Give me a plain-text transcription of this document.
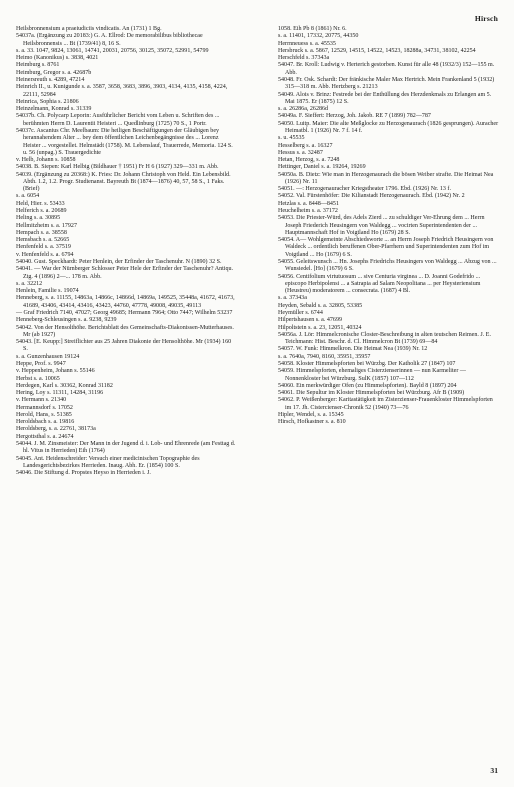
Hirsch

Heilsbronnensium a praeiudiciis vindicatis. An (1731) 1 Bg.

54037a. (Ergänzung zu 20183:) G. A. Ellrod: De memorabilibus bibliothecae Heilsbronnensis ... Bt (1739/41) 8, 16 S.

s. a. 33. 1047, 9824, 13061, 14741, 20031, 20756, 30125, 35072, 52991, 54799

Heimo (Kanonikus) s. 3838, 4021

Heimburg s. 8761

Heimburg, Gregor s. a. 42687b

Heinersreuth s. 4289, 47214

Heinrich II., u. Kunigunde s. a. 3587, 3658, 3683, 3896, 3903, 4134, 4135, 4158, 4224, 22111, 52984

Heinrica, Sophia s. 21806

Heinzelmann, Konrad s. 31339

54037b. Ch. Polycarp Leporin: Ausführlicher Bericht vom Leben u. Schriften des ... berühmten Herrn D. Laurentii Heisteri ... Quedlinburg (1725) 70 S., 1 Portr.

54037c. Ascanius Chr. Meelbaum: Die heiligen Beschäftigungen der Gläubigen bey herannahendem Alter ... bey dem öffentlichen Leichenbegängnisse des ... Lorenz Heister ... vorgestellet. Helmstädt (1758). M. Lebenslauf, Trauerrede, Memoria. 124 S. u. 56 (unpag.) S. Trauergedichte

v. Helb, Johann s. 10858

54038. B. Siepen: Karl Helbig (Bildhauer † 1951) Fr H 6 (1927) 329—331 m. Abb.

54039. (Ergänzung zu 20368:) K. Fries: Dr. Johann Christoph von Held. Ein Lebensbild. Abth. 1.2, 1.2. Progr. Studienanst. Bayreuth Bt (1874—1876) 40, 57, 58 S., 1 Faks. (Brief)

s. a. 6054

Held, Hier. s. 53433

Helferich s. a. 20689

Heling s. a. 30895

Hellmitzheim s. a. 17927

Hempach s. a. 38558

Hemsbach s. a. 52665

Henfenfeld s. a. 37519

v. Henfenfeld s. a. 6794

54040. Gust. Speckhardt: Peter Henlein, der Erfinder der Taschenuhr. N (1890) 32 S.

54041. — War der Nürnberger Schlosser Peter Hele der Erfinder der Taschenuhr? Antiqu. Ztg. 4 (1896) 2—... 178 m. Abb.

s. a. 32212

Henlein, Familie s. 19074

Henneberg, s. a. 11155, 14863a, 14866c, 14866d, 14869a, 149525, 35448a, 41672, 41673, 41689, 43406, 43414, 43416, 43423, 44760, 47778, 49008, 49035, 49113

— Graf Friedrich 7140, 47027; Georg 49685; Hermann 7964; Otto 7447; Wilhelm 53237

Henneberg-Schleusingen s. a. 9238, 9239

54042. Von der Hensolthöhe. Berichtsblatt des Gemeinschafts-Diakonissen-Mutterhauses. Mr (ab 1927)

54043. [E. Keupp:] Streiflichter aus 25 Jahren Diakonie der Hensolthöhe. Mr (1934) 160 S.

s. a. Gunzenhausen 19124

Heppe, Prof. s. 9947

v. Heppenheim, Johann s. 55146

Herbst s. a. 10065

Herdegen, Karl s. 30362, Konrad 31182

Hering, Loy s. 11311, 14284, 31196

v. Hermann s. 21340

Hermannsdorf s. 17052

Herold, Hans, s. 51385

Heroldsbach s. a. 19816

Heroldsberg, s. a. 22761, 38173a

Hergottsthal s. a. 24674

54044. J. M. Zinsmeister: Der Mann in der Jugend d. i. Lob- und Ehrenrede (am Festtag d. hl. Vitus in Herrieden) Eih (1764)

54045. Ant. Heidenschreider: Versuch einer medicinischen Topographie des Landesgerichtsbezirkes Herrieden. Inaug. Abh. Er. (1854) 100 S.

54046. Die Stiftung d. Propstes Heyso in Herrieden i. J.

1058. Eih Pb 8 (1861) Nr. 6.

s. a. 11401, 17332, 20775, 44350

Herrnneuess s. a. 45535

Hersbruck s. a. 5867, 12529, 14515, 14522, 14523, 18288a, 34731, 38102, 42254

Herschfeld s. 37343a

54047. Br. Kroll: Ludwig v. Herterich gestorben. Kunst für alle 48 (1932/3) 152—155 m. Abb.

54048. Fr. Osk. Schardt: Der fränkische Maler Max Hertrich. Mein Frankenland 5 (1932) 315—318 m. Abb. Hertzberg s. 21213

54049. Alois v. Brinz: Festrede bei der Enthüllung des Herzdenkmals zu Erlangen am 5. Mai 1875. Er (1875) 12 S.

s. a. 26286a, 26286d

54049a. F. Sieffert: Herzog, Joh. Jakob. RE 7 (1899) 782—787

54050. Luitp. Maier: Die alte Meßglocke zu Herzogenaurach (1826 gesprungen). Auracher Heimatbl. 1 (1926) Nr. 7 f. 14 f.

s. u. 45535

Hesselberg s. a. 16327

Hessus s. a. 32487

Hetan, Herzog, s. a. 7248

Hettinger, Daniel s. a. 19264, 19269

54050a. B. Dietz: Wie man in Herzogenaurach die bösen Weiber strafte. Die Heimat Nea (1926) Nr. 11

54051. —: Herzogenauracher Kriegstheater 1796. Ebd. (1926) Nr. 13 f.

54052. Val. Fürstenhöfer: Die Kilianstadt Herzogenaurach. Ebd. (1942) Nr. 2

Hetzlas s. a. 8448—8451

Heuchelheim s. a. 37172

54053. Die Priester-Würd, des Adels Zierd ... zu schuldiger Ver-Ehrung dem ... Herrn Joseph Friederich Heusingern von Waldegg ... vocirten Superintendenten der ... Hauptmannschaft Hof in Voigtland Ho (1679) 28 S.

54054. A— Wohlgemeinte Abschiedsworte ... an Herrn Joseph Friedrich Heusingern von Waldeck ... ordentlich beruffenen Ober-Pfarrhern und Superintendenten zum Hof im Voigtland ... Ho (1679) 6 S.

54055. Geleitswunsch ... Hn. Josephs Friedrichs Heusingers von Waldegg ... Abzug von ... Wunsiedel. [Ho] (1679) 6 S.

54056. Centifolium virtutuosum ... sive Centuria virginea ... D. Joanni Godefrido ... episcopo Herbipolensi ... a Satrapia ad Salam Neopolitana ... per Heysteriensium (Heustreu) moderatorem ... consecrata. (1687) 4 Bl.

s. a. 37343a

Heyden, Sebald s. a. 32805, 53385

Heymüller s. 6744

Hilpertshausen s. a. 47699

Hilpoltstein s. a. 23, 12051, 40324

54056a. J. Lör: Himmelcronische Closter-Beschreibung in alten teutschen Reimen. J. E. Teichmann: Hist. Beschr. d. Cl. Himmelcron Bt (1739) 69—84

54057. W. Funk: Himmelkron. Die Heimat Nea (1939) Nr. 12

s. a. 7640a, 7940, 8160, 35951, 35957

54058. Kloster Himmelspforten bei Würzbg. Der Katholik 27 (1847) 107

54059. Himmelspforten, ehemaliges Cisterzienserinnen — nun Karmeliter — Nonnenkloster bei Würzburg. SulK (1857) 107—112

54060. Ein merkwürdiger Ofen (zu Himmelspforten). Bayld 8 (1897) 204

54061. Die Sepultur im Kloster Himmelspforten bei Würzburg. Afr B (1909)

54062. P. Weißenberger: Karitastätigkeit im Zisterzienser-Frauenkloster Himmelspforten im 17. Jh. Cistercienser-Chronik 52 (1940) 73—76

Hipler, Wendel, s. a. 15345

Hirsch, Hofkastner s. a. 810

31
